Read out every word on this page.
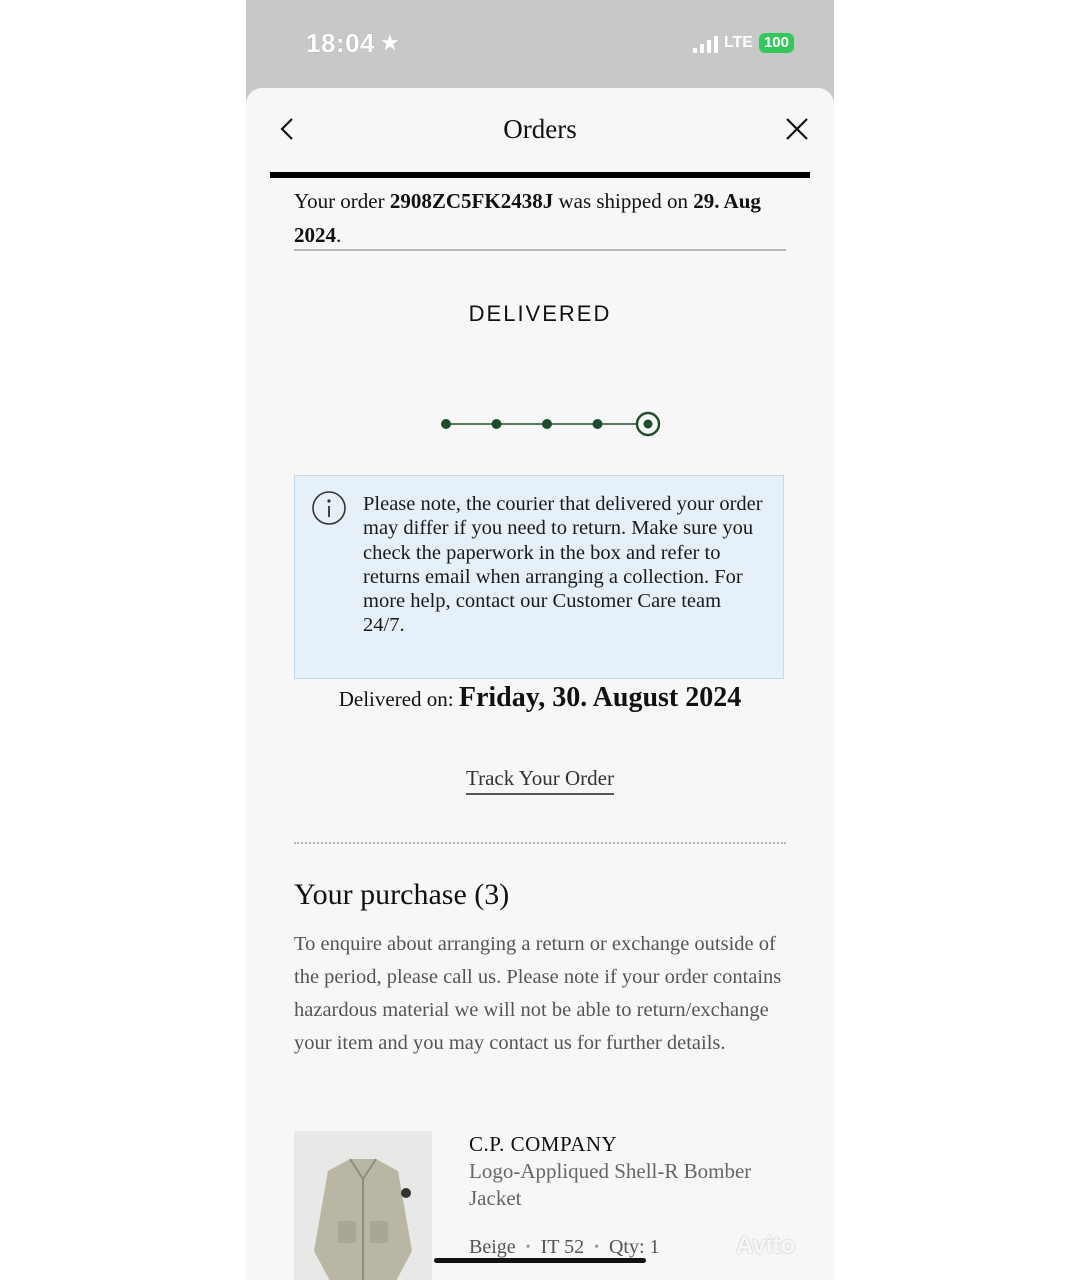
18:04 ★	LTE 100
Orders
Your order 2908ZC5FK2438J was shipped on 29. Aug 2024.
DELIVERED
Please note, the courier that delivered your order may differ if you need to return. Make sure you check the paperwork in the box and refer to returns email when arranging a collection. For more help, contact our Customer Care team 24/7.
Delivered on: Friday, 30. August 2024
Track Your Order
Your purchase (3)
To enquire about arranging a return or exchange outside of the period, please call us. Please note if your order contains hazardous material we will not be able to return/exchange your item and you may contact us for further details.
C.P. COMPANY
Logo-Appliqued Shell-R Bomber Jacket
Beige • IT 52 • Qty: 1	Avito
